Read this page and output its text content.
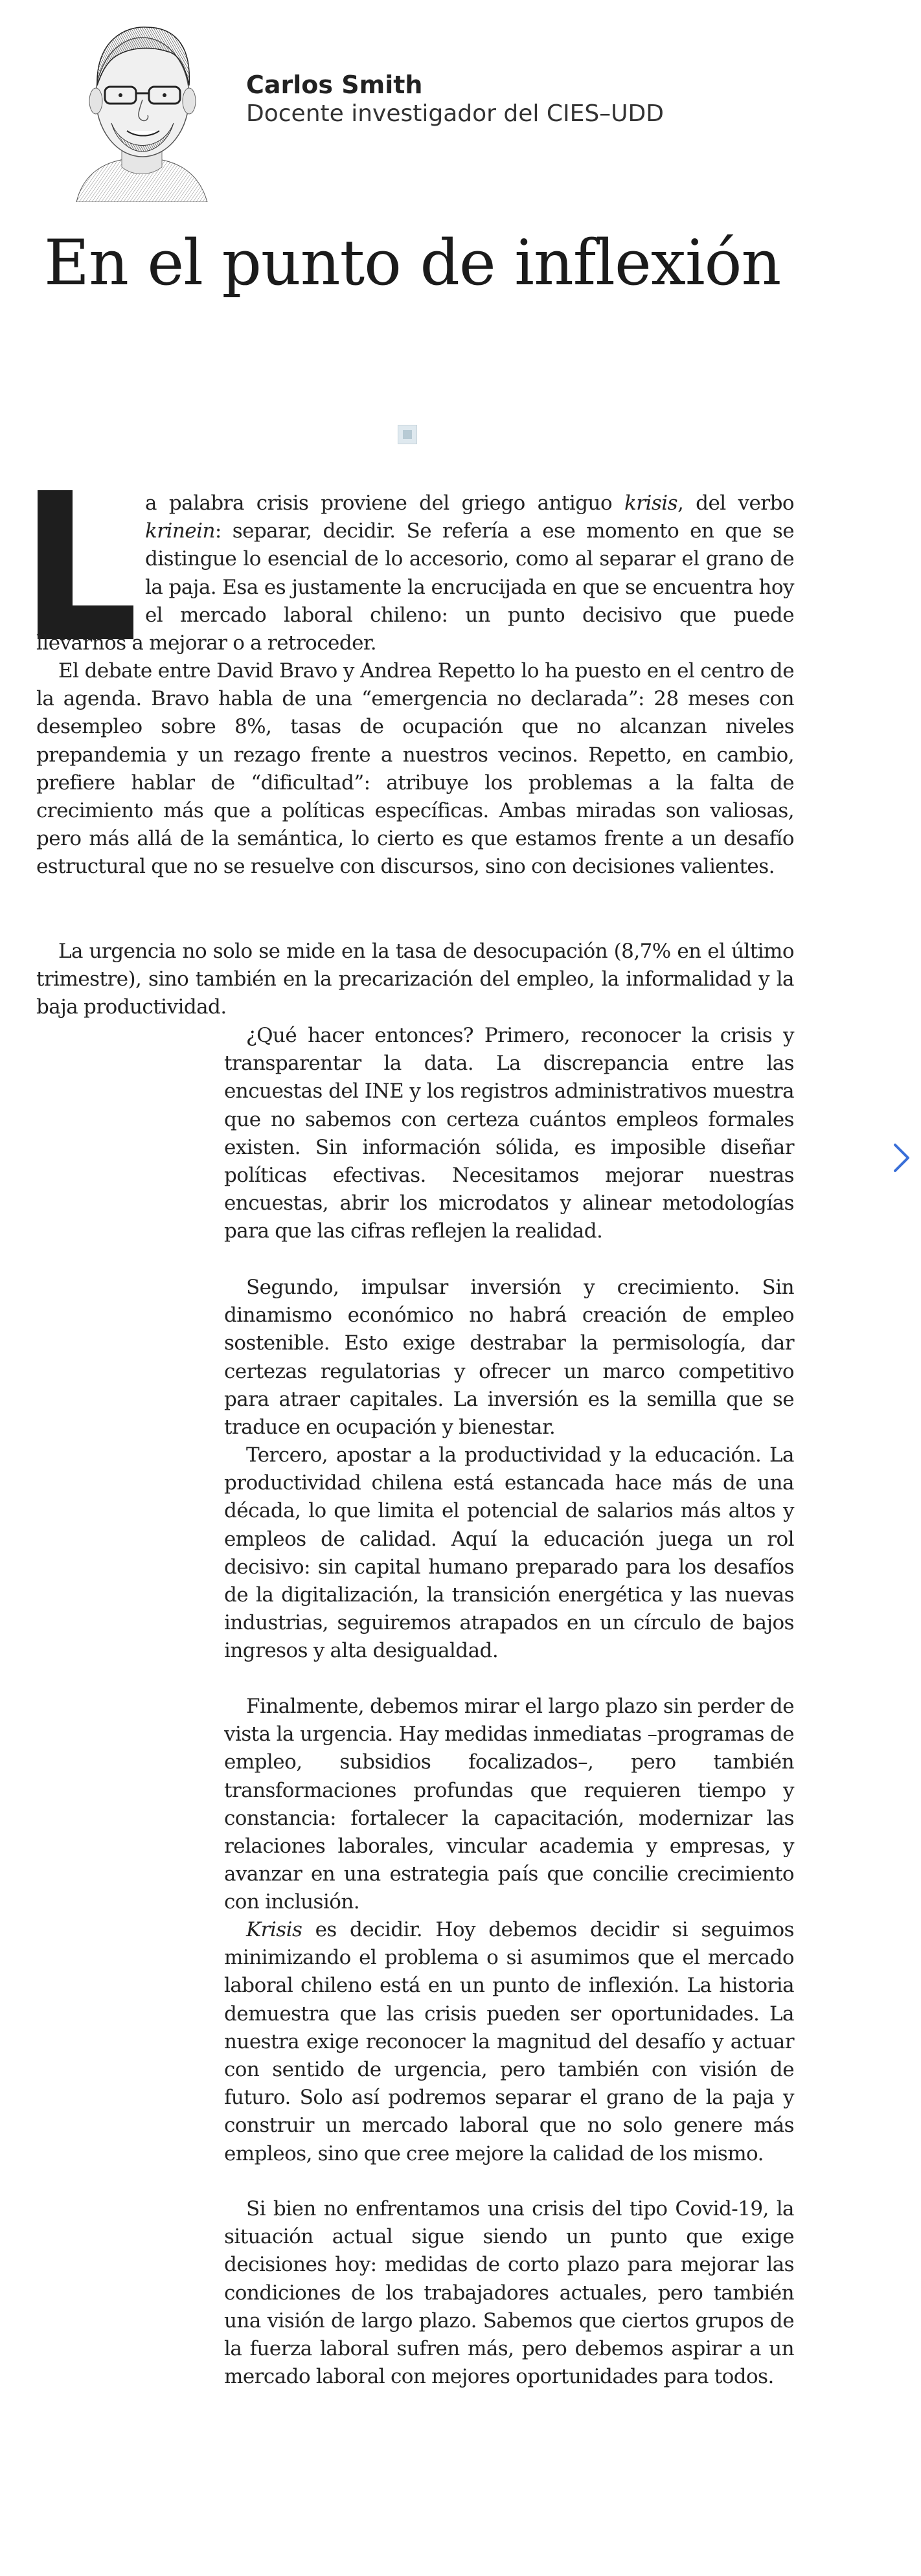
Carlos Smith
Docente investigador del CIES–UDD
En el punto de inflexión

a palabra crisis proviene del griego antiguo krisis, del verbo krinein: separar, decidir. Se refería a ese momento en que se distingue lo esencial de lo accesorio, como al separar el grano de la paja. Esa es justamente la encrucijada en que se encuentra hoy el mercado laboral chileno: un punto decisivo que puede llevarnos a mejorar o a retroceder.

El debate entre David Bravo y Andrea Repetto lo ha puesto en el centro de la agenda. Bravo habla de una “emergencia no declarada”: 28 meses con desempleo sobre 8%, tasas de ocupación que no alcanzan niveles prepandemia y un rezago frente a nuestros vecinos. Repetto, en cambio, prefiere hablar de “dificultad”: atribuye los problemas a la falta de crecimiento más que a políticas específicas. Ambas miradas son valiosas, pero más allá de la semántica, lo cierto es que estamos frente a un desafío estructural que no se resuelve con discursos, sino con decisiones valientes.

La urgencia no solo se mide en la tasa de desocupación (8,7% en el último trimestre), sino también en la precarización del empleo, la informalidad y la baja productividad.

¿Qué hacer entonces? Primero, reconocer la crisis y transparentar la data. La discrepancia entre las encuestas del INE y los registros administrativos muestra que no sabemos con certeza cuántos empleos formales existen. Sin información sólida, es imposible diseñar políticas efectivas. Necesitamos mejorar nuestras encuestas, abrir los microdatos y alinear metodologías para que las cifras reflejen la realidad.

Segundo, impulsar inversión y crecimiento. Sin dinamismo económico no habrá creación de empleo sostenible. Esto exige destrabar la permisología, dar certezas regulatorias y ofrecer un marco competitivo para atraer capitales. La inversión es la semilla que se traduce en ocupación y bienestar.

Tercero, apostar a la productividad y la educación. La productividad chilena está estancada hace más de una década, lo que limita el potencial de salarios más altos y empleos de calidad. Aquí la educación juega un rol decisivo: sin capital humano preparado para los desafíos de la digitalización, la transición energética y las nuevas industrias, seguiremos atrapados en un círculo de bajos ingresos y alta desigualdad.

Finalmente, debemos mirar el largo plazo sin perder de vista la urgencia. Hay medidas inmediatas –programas de empleo, subsidios focalizados–, pero también transformaciones profundas que requieren tiempo y constancia: fortalecer la capacitación, modernizar las relaciones laborales, vincular academia y empresas, y avanzar en una estrategia país que concilie crecimiento con inclusión.

Krisis es decidir. Hoy debemos decidir si seguimos minimizando el problema o si asumimos que el mercado laboral chileno está en un punto de inflexión. La historia demuestra que las crisis pueden ser oportunidades. La nuestra exige reconocer la magnitud del desafío y actuar con sentido de urgencia, pero también con visión de futuro. Solo así podremos separar el grano de la paja y construir un mercado laboral que no solo genere más empleos, sino que cree mejore la calidad de los mismo.

Si bien no enfrentamos una crisis del tipo Covid-19, la situación actual sigue siendo un punto que exige decisiones hoy: medidas de corto plazo para mejorar las condiciones de los trabajadores actuales, pero también una visión de largo plazo. Sabemos que ciertos grupos de la fuerza laboral sufren más, pero debemos aspirar a un mercado laboral con mejores oportunidades para todos.
